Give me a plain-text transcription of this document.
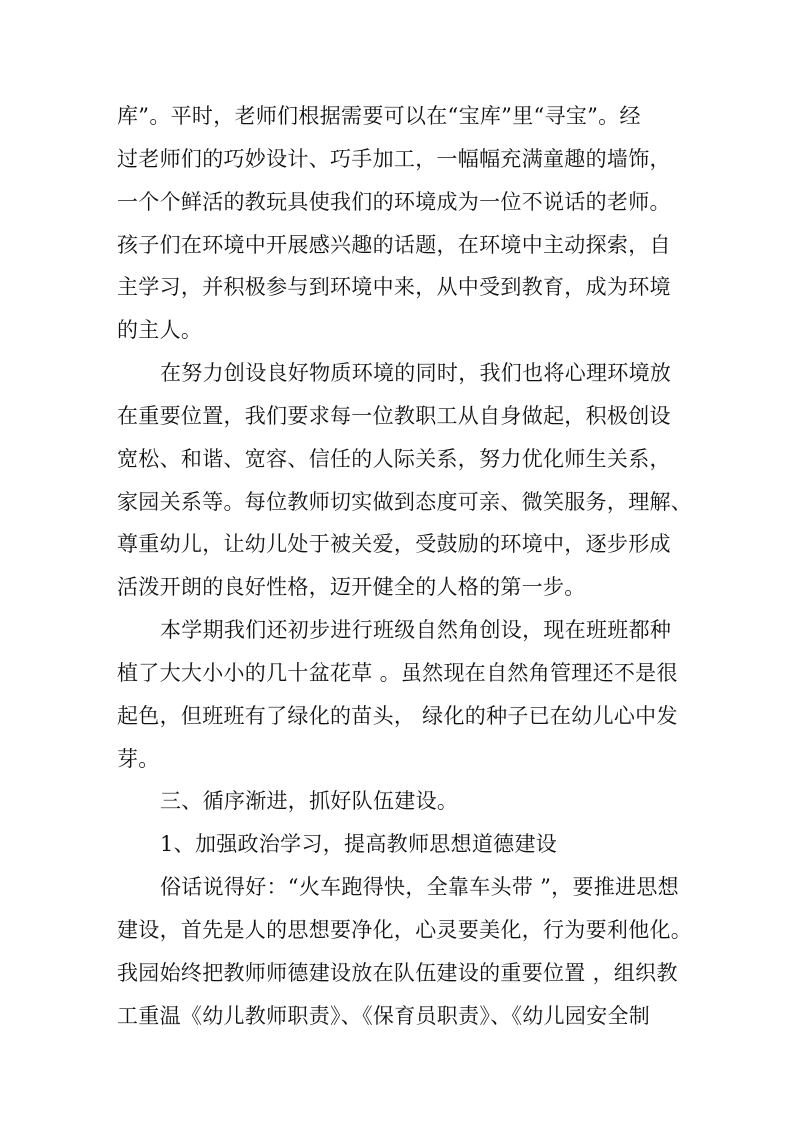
库”。平时，老师们根据需要可以在“宝库”里“寻宝”。经
过老师们的巧妙设计、巧手加工，一幅幅充满童趣的墙饰，
一个个鲜活的教玩具使我们的环境成为一位不说话的老师。
孩子们在环境中开展感兴趣的话题，在环境中主动探索，自
主学习，并积极参与到环境中来，从中受到教育，成为环境
的主人。
在努力创设良好物质环境的同时，我们也将心理环境放
在重要位置，我们要求每一位教职工从自身做起，积极创设
宽松、和谐、宽容、信任的人际关系，努力优化师生关系，
家园关系等。每位教师切实做到态度可亲、微笑服务，理解、
尊重幼儿，让幼儿处于被关爱，受鼓励的环境中，逐步形成
活泼开朗的良好性格，迈开健全的人格的第一步。
本学期我们还初步进行班级自然角创设，现在班班都种
植了大大小小的几十盆花草 。虽然现在自然角管理还不是很
起色，但班班有了绿化的苗头， 绿化的种子已在幼儿心中发
芽。
三、循序渐进，抓好队伍建设。
1、加强政治学习，提高教师思想道德建设
俗话说得好：“火车跑得快，全靠车头带 ”，要推进思想
建设，首先是人的思想要净化，心灵要美化，行为要利他化。
我园始终把教师师德建设放在队伍建设的重要位置 ，组织教
工重温《幼儿教师职责》、《保育员职责》、《幼儿园安全制
